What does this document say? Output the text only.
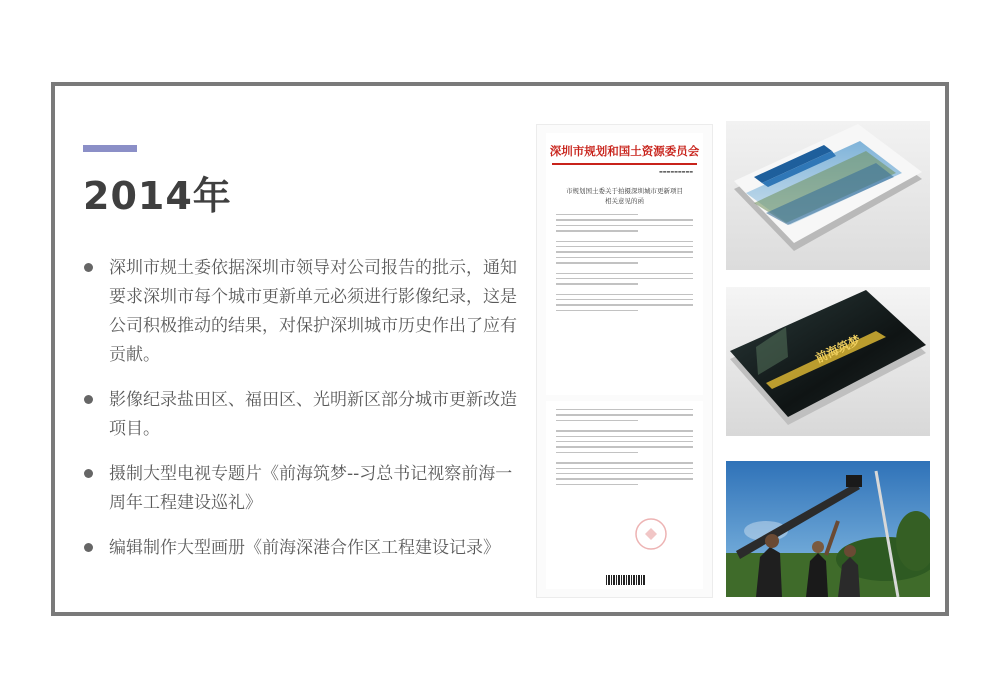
2014年
深圳市规土委依据深圳市领导对公司报告的批示，通知要求深圳市每个城市更新单元必须进行影像纪录，这是公司积极推动的结果，对保护深圳城市历史作出了应有贡献。
影像纪录盐田区、福田区、光明新区部分城市更新改造项目。
摄制大型电视专题片《前海筑梦--习总书记视察前海一周年工程建设巡礼》
编辑制作大型画册《前海深港合作区工程建设记录》
深圳市规划和国土资源委员会
▬▬▬▬▬▬▬▬▬
市规划国土委关于拍摄深圳城市更新项目
相关意见的函
前海筑梦
